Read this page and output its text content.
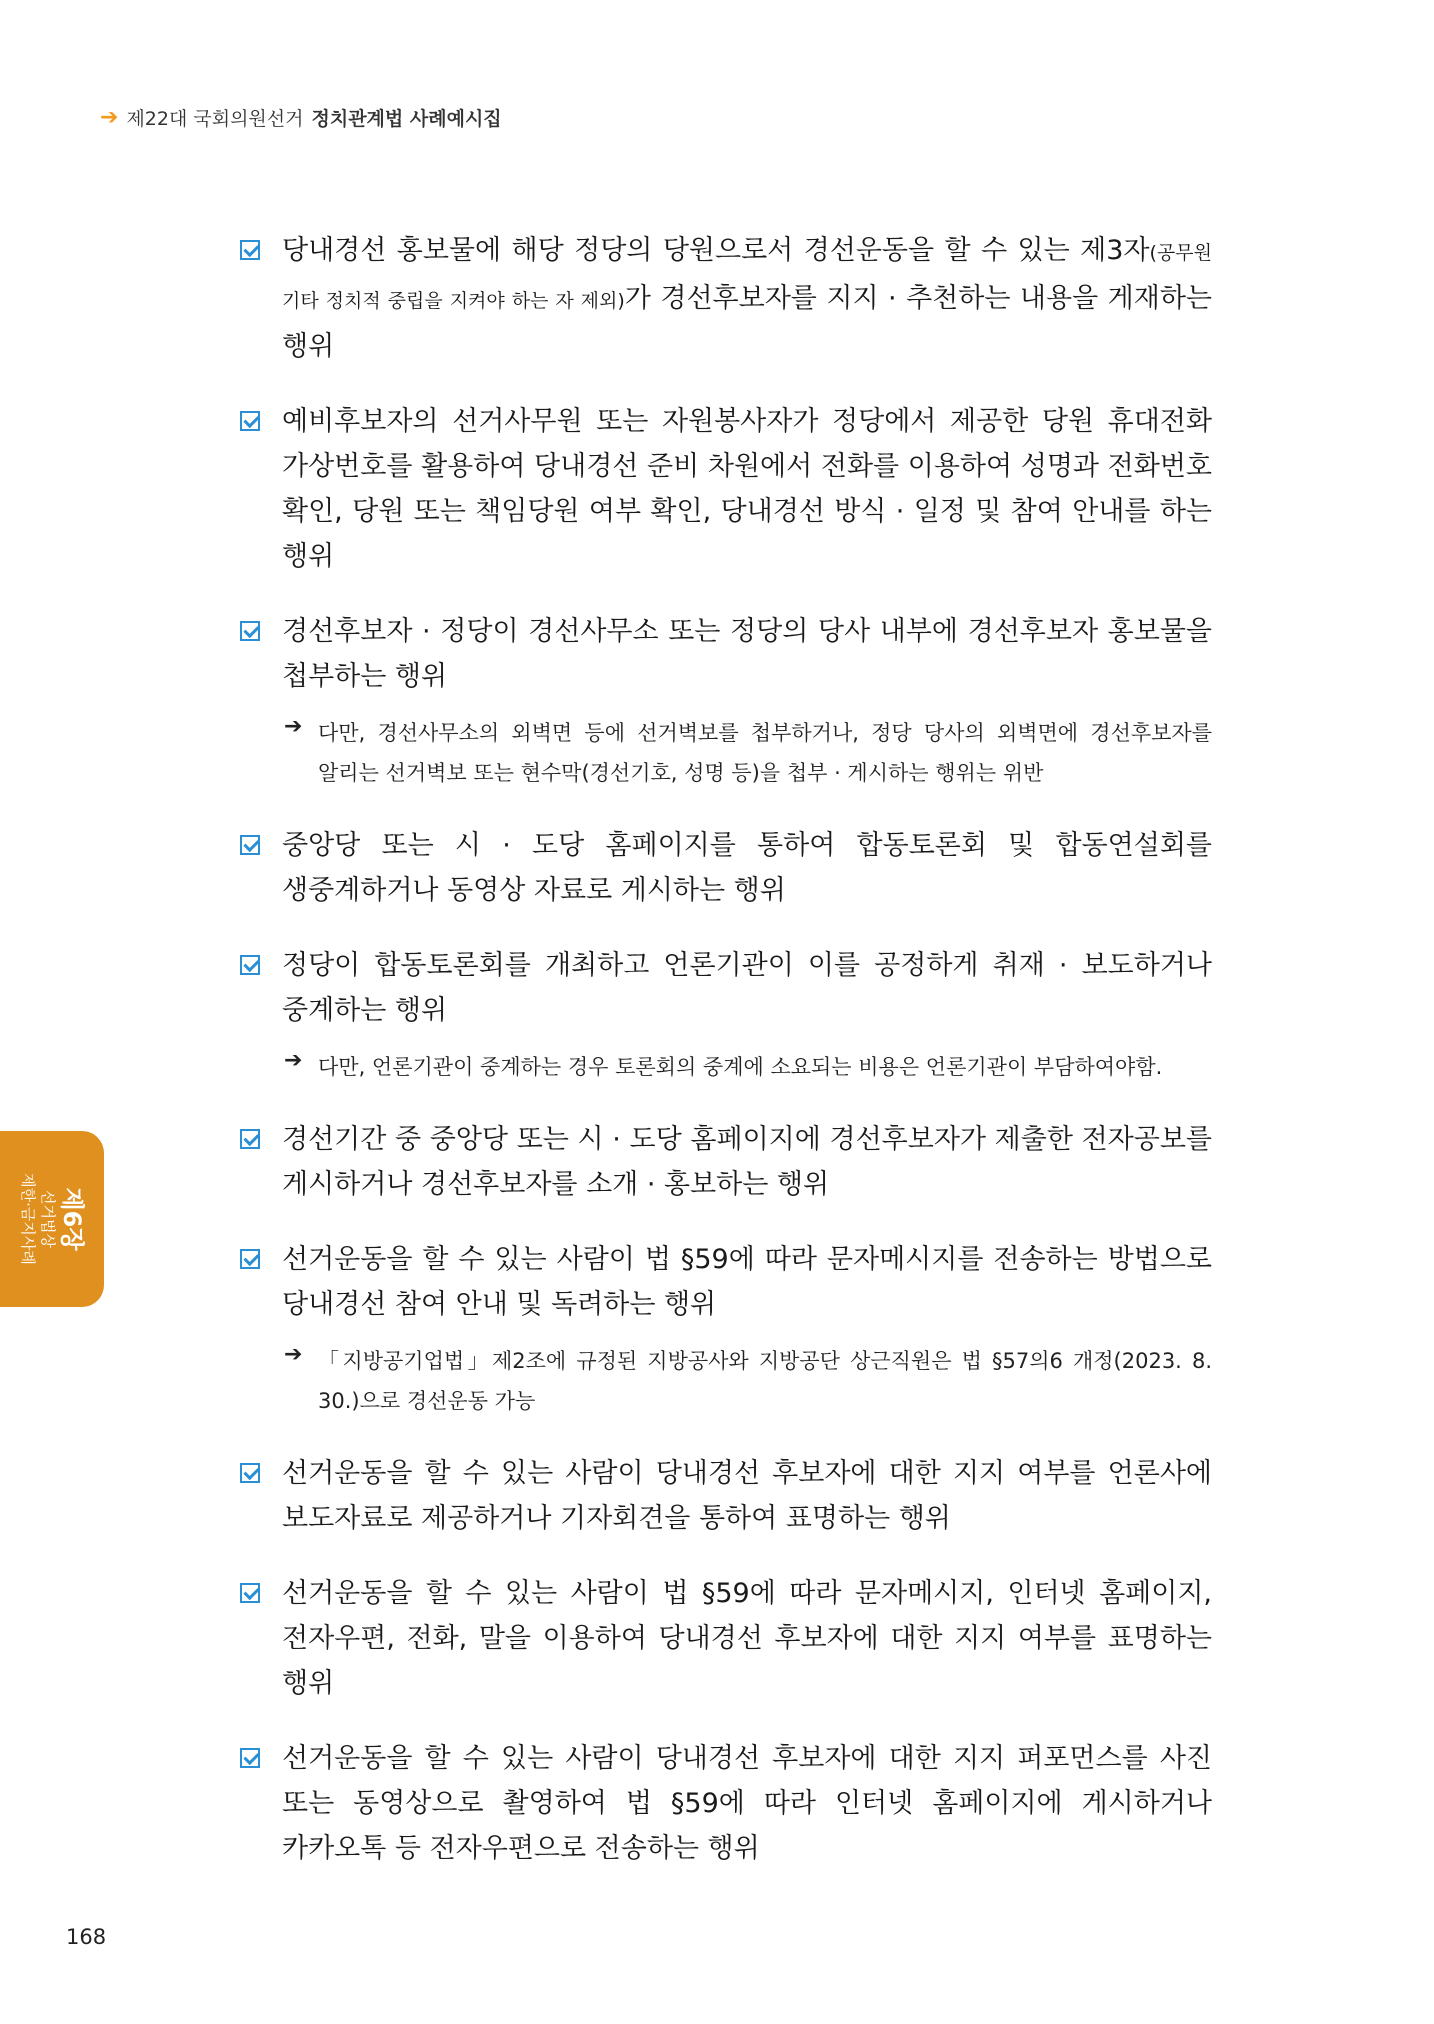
➔ 제22대 국회의원선거 정치관계법 사례예시집
당내경선 홍보물에 해당 정당의 당원으로서 경선운동을 할 수 있는 제3자(공무원 기타 정치적 중립을 지켜야 하는 자 제외)가 경선후보자를 지지 · 추천하는 내용을 게재하는 행위
예비후보자의 선거사무원 또는 자원봉사자가 정당에서 제공한 당원 휴대전화 가상번호를 활용하여 당내경선 준비 차원에서 전화를 이용하여 성명과 전화번호 확인, 당원 또는 책임당원 여부 확인, 당내경선 방식 · 일정 및 참여 안내를 하는 행위
경선후보자 · 정당이 경선사무소 또는 정당의 당사 내부에 경선후보자 홍보물을 첩부하는 행위
➔ 다만, 경선사무소의 외벽면 등에 선거벽보를 첩부하거나, 정당 당사의 외벽면에 경선후보자를 알리는 선거벽보 또는 현수막(경선기호, 성명 등)을 첩부 · 게시하는 행위는 위반
중앙당 또는 시 · 도당 홈페이지를 통하여 합동토론회 및 합동연설회를 생중계하거나 동영상 자료로 게시하는 행위
정당이 합동토론회를 개최하고 언론기관이 이를 공정하게 취재 · 보도하거나 중계하는 행위
➔ 다만, 언론기관이 중계하는 경우 토론회의 중계에 소요되는 비용은 언론기관이 부담하여야함.
경선기간 중 중앙당 또는 시 · 도당 홈페이지에 경선후보자가 제출한 전자공보를 게시하거나 경선후보자를 소개 · 홍보하는 행위
선거운동을 할 수 있는 사람이 법 §59에 따라 문자메시지를 전송하는 방법으로 당내경선 참여 안내 및 독려하는 행위
➔ 「지방공기업법」제2조에 규정된 지방공사와 지방공단 상근직원은 법 §57의6 개정(2023. 8. 30.)으로 경선운동 가능
선거운동을 할 수 있는 사람이 당내경선 후보자에 대한 지지 여부를 언론사에 보도자료로 제공하거나 기자회견을 통하여 표명하는 행위
선거운동을 할 수 있는 사람이 법 §59에 따라 문자메시지, 인터넷 홈페이지, 전자우편, 전화, 말을 이용하여 당내경선 후보자에 대한 지지 여부를 표명하는 행위
선거운동을 할 수 있는 사람이 당내경선 후보자에 대한 지지 퍼포먼스를 사진 또는 동영상으로 촬영하여 법 §59에 따라 인터넷 홈페이지에 게시하거나 카카오톡 등 전자우편으로 전송하는 행위
제6장
선거법상
제한·금지사례
168
